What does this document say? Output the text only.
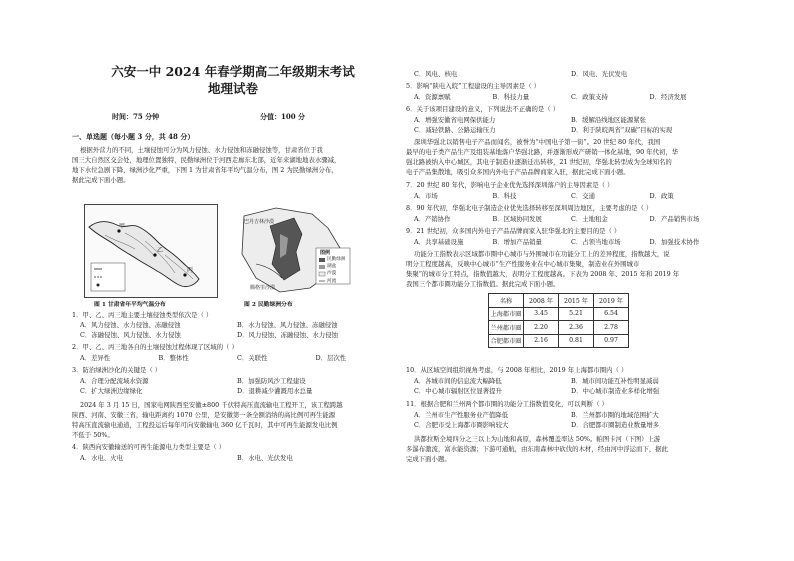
六安一中 2024 年春学期高二年级期末考试
地理试卷
时间：75 分钟	分值：100 分
一、单选题（每小题 3 分，共 48 分）
根据外营力的不同，土壤侵蚀可分为风力侵蚀、水力侵蚀和冻融侵蚀等，甘肃省位于我
国三大自然区交会处，地理位置独特，民勤绿洲位于河西走廊东北部，近年来湖地地表水骤减，
地下水位急剧下降，绿洲沙化严重，下图 1 为甘肃省年平均气温分布，图 2 为民勤绿洲分布，
据此完成下面小题。
甲
乙
丙
图 1 甘肃省年平均气温分布
巴丹吉林沙漠
腾格里沙漠
图例
民勤绿洲
湖盆
沙漠
河流
图 2 民勤绿洲分布
1．甲、乙、丙三地主要土壤侵蚀类型依次是（ ）
A．风力侵蚀、水力侵蚀、冻融侵蚀	B．水力侵蚀、风力侵蚀、冻融侵蚀
C．冻融侵蚀、风力侵蚀、水力侵蚀	D．风力侵蚀、冻融侵蚀、水力侵蚀
2．甲、乙、丙三地各自的土壤侵蚀过程体现了区域的（ ）
A．差异性	B．整体性	C．关联性	D．层次性
3．防治绿洲沙化的关键是（ ）
A．合理分配流域水资源	B．加强防风沙工程建设
C．扩大绿洲边缘绿化	D．退耕减少灌溉用水总量
2024 年 3 月 15 日，国家电网陕西至安徽±800 千伏特高压直流输电工程开工，该工程跨越
陕西、河南、安徽三省，输电距离约 1070 公里，是安徽第一条全额消纳的高比例可再生能源
特高压直流输电通道，工程投运后每年可向安徽输电 360 亿千瓦时，其中可再生能源发电比例
不低于 50%。
4．陕西向安徽输送的可再生能源电力类型主要是（ ）
A．水电、火电	B．水电、光伏发电
C．风电、核电	D．风电、光伏发电
5．影响“陕电入皖”工程建设的主导因素是（ ）
A．资源禀赋	B．科技力量	C．政策支持	D．经济发展
6．关于该项目建设的意义，下列说法不正确的是（ ）
A．增强安徽省电网保供能力	B．缓解沿线地区能源紧张
C．减轻铁路、公路运输压力	D．利于陕皖两省“双碳”目标的实现
深圳华强北以销售电子产品而闻名，被誉为“中国电子第一街”。20 世纪 80 年代，我国
最早的电子类产品生产及组装基地落户华强北路，并逐渐形成产研销一体化基地，90 年代初，华
强北路被纳入中心城区，其电子制造业逐渐迁出转移，21 世纪初，华强北转型成为全球知名的
电子产品集散地，吸引众多国内外电子产品品牌商家入驻，据此完成下面小题。
7．20 世纪 80 年代，影响电子企业优先选择深圳落户的主导因素是（ ）
A．市场	B．科技	C．交通	D．政策
8．90 年代初，华强北电子制造企业优先选择转移至深圳周边地区，主要考虑的是（ ）
A．产销协作	B．区域协同发展	C．土地租金	D．产品销售市场
9．21 世纪初，众多国内外电子产品品牌商家入驻华强北的主要目的是（ ）
A．共享基础设施	B．增加产品销量	C．占领当地市场	D．加强技术协作
功能分工指数表示区域都市圈中心城市与外围城市在功能分工上的差异程度，指数越大，说
明分工程度越高，反映中心城市“生产性服务业在中心城市集聚，制造业在外围城市
集聚”的城市分工特点，指数值越大，表明分工程度越高。下表为 2008 年、2015 年和 2019 年
我国三个都市圈功能分工指数值。据此完成下面小题。
名称	2008 年	2015 年	2019 年
上海都市圈	3.45	5.21	6.54
兰州都市圈	2.20	2.36	2.78
合肥都市圈	2.16	0.81	0.97
10．从区域空间组织视角考虑，与 2008 年相比，2019 年上海都市圈内（ ）
A．各城市间的信息流大幅降低	B．城市间功能互补性明显减弱
C．中心城市辐射区位显著提升	D．中心城市制造业多样化增强
11．根据合肥和兰州两个都市圈的功能分工指数值变化，可以判断（ ）
A．兰州市生产性服务业产值降低	B．兰州都市圈的地域范围扩大
C．合肥市受上海都市圈影响较大	D．合肥都市圈制造业数量增多
洪都拉斯全境四分之三以上为山地和高原，森林覆盖率达 50%。帕图卡河（下图）上游
多瀑布激流，富水能资源；下游可通航，由东南森林中砍伐的木材，经由河中浮运而下，据此
完成下面小题。
